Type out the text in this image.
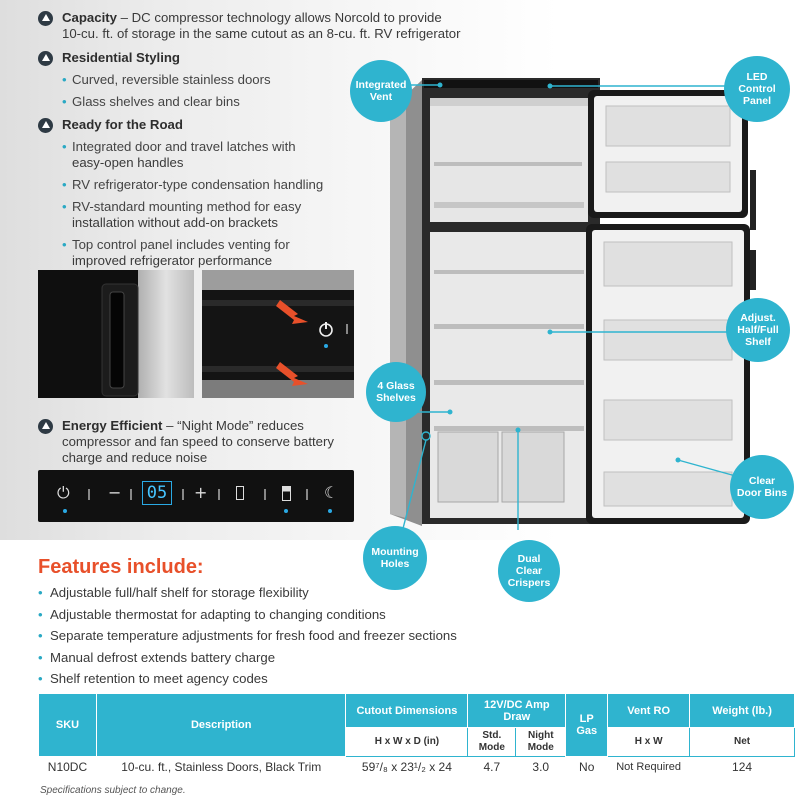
Capacity – DC compressor technology allows Norcold to provide
10-cu. ft. of storage in the same cutout as an 8-cu. ft. RV refrigerator
Residential Styling
• Curved, reversible stainless doors
• Glass shelves and clear bins
Ready for the Road
• Integrated door and travel latches with
easy-open handles
• RV refrigerator-type condensation handling
• RV-standard mounting method for easy
installation without add-on brackets
• Top control panel includes venting for
improved refrigerator performance
Energy Efficient – “Night Mode” reduces
compressor and fan speed to conserve battery
charge and reduce noise
⏻ − 05 +	☾
Integrated Vent
LED Control Panel
Adjust. Half/Full Shelf
4 Glass Shelves
Clear Door Bins
Mounting Holes	Dual Clear Crispers
Features include:
• Adjustable full/half shelf for storage flexibility
• Adjustable thermostat for adapting to changing conditions
• Separate temperature adjustments for fresh food and freezer sections
• Manual defrost extends battery charge
• Shelf retention to meet agency codes
SKU	Description	Cutout Dimensions	12V/DC Amp Draw		LP Gas	Vent RO	Weight (lb.)
		H x W x D (in)	Std. Mode	Night Mode		H x W	Net
N10DC	10-cu. ft., Stainless Doors, Black Trim	59⁷/₈ x 23¹/₂ x 24	4.7	3.0	No	Not Required	124
Specifications subject to change.
